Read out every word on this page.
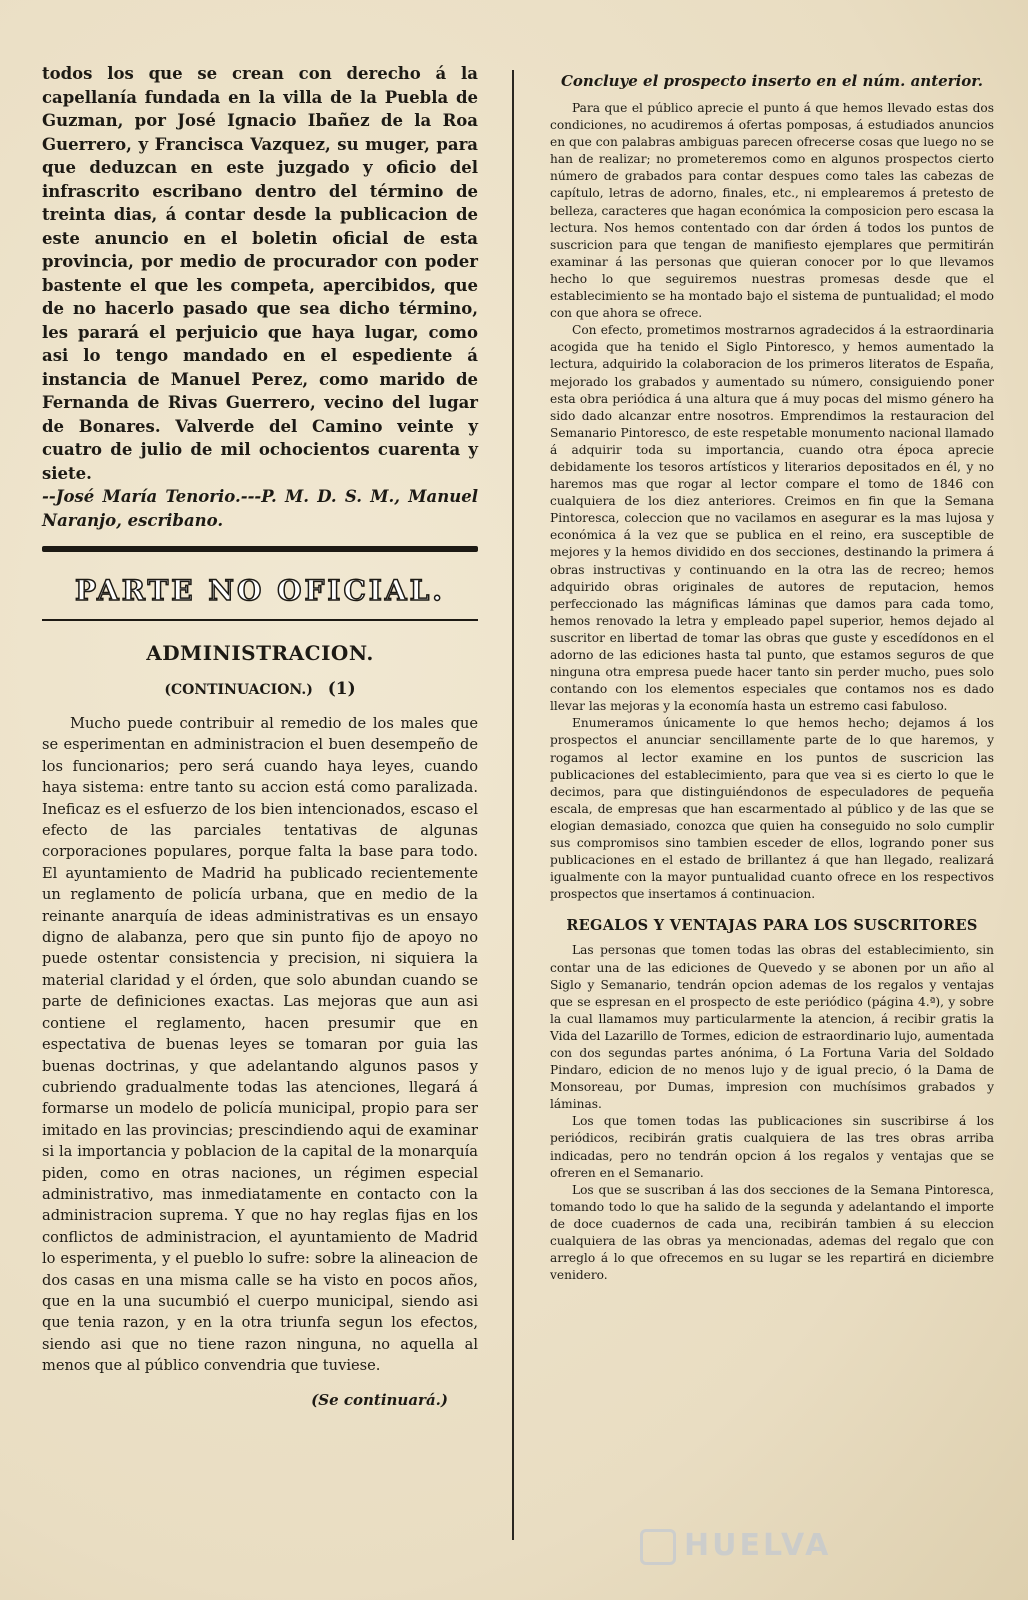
todos los que se crean con derecho á la capellanía fundada en la villa de la Puebla de Guzman, por José Ignacio Ibañez de la Roa Guerrero, y Francisca Vazquez, su muger, para que deduzcan en este juzgado y oficio del infrascrito escribano dentro del término de treinta dias, á contar desde la publicacion de este anuncio en el boletin oficial de esta provincia, por medio de procurador con poder bastente el que les competa, apercibidos, que de no hacerlo pasado que sea dicho término, les parará el perjuicio que haya lugar, como asi lo tengo mandado en el espediente á instancia de Manuel Perez, como marido de Fernanda de Rivas Guerrero, vecino del lugar de Bonares. Valverde del Camino veinte y cuatro de julio de mil ochocientos cuarenta y siete.

--José María Tenorio.---P. M. D. S. M., Manuel Naranjo, escribano.

PARTE NO OFICIAL.
ADMINISTRACION.
(CONTINUACION.) (1)

Mucho puede contribuir al remedio de los males que se esperimentan en administracion el buen desempeño de los funcionarios; pero será cuando haya leyes, cuando haya sistema: entre tanto su accion está como paralizada. Ineficaz es el esfuerzo de los bien intencionados, escaso el efecto de las parciales tentativas de algunas corporaciones populares, porque falta la base para todo. El ayuntamiento de Madrid ha publicado recientemente un reglamento de policía urbana, que en medio de la reinante anarquía de ideas administrativas es un ensayo digno de alabanza, pero que sin punto fijo de apoyo no puede ostentar consistencia y precision, ni siquiera la material claridad y el órden, que solo abundan cuando se parte de definiciones exactas. Las mejoras que aun asi contiene el reglamento, hacen presumir que en espectativa de buenas leyes se tomaran por guia las buenas doctrinas, y que adelantando algunos pasos y cubriendo gradualmente todas las atenciones, llegará á formarse un modelo de policía municipal, propio para ser imitado en las provincias; prescindiendo aqui de examinar si la importancia y poblacion de la capital de la monarquía piden, como en otras naciones, un régimen especial administrativo, mas inmediatamente en contacto con la administracion suprema. Y que no hay reglas fijas en los conflictos de administracion, el ayuntamiento de Madrid lo esperimenta, y el pueblo lo sufre: sobre la alineacion de dos casas en una misma calle se ha visto en pocos años, que en la una sucumbió el cuerpo municipal, siendo asi que tenia razon, y en la otra triunfa segun los efectos, siendo asi que no tiene razon ninguna, no aquella al menos que al público convendria que tuviese.

(Se continuará.)
Concluye el prospecto inserto en el núm. anterior.

Para que el público aprecie el punto á que hemos llevado estas dos condiciones, no acudiremos á ofertas pomposas, á estudiados anuncios en que con palabras ambiguas parecen ofrecerse cosas que luego no se han de realizar; no prometeremos como en algunos prospectos cierto número de grabados para contar despues como tales las cabezas de capítulo, letras de adorno, finales, etc., ni emplearemos á pretesto de belleza, caracteres que hagan económica la composicion pero escasa la lectura. Nos hemos contentado con dar órden á todos los puntos de suscricion para que tengan de manifiesto ejemplares que permitirán examinar á las personas que quieran conocer por lo que llevamos hecho lo que seguiremos nuestras promesas desde que el establecimiento se ha montado bajo el sistema de puntualidad; el modo con que ahora se ofrece.

Con efecto, prometimos mostrarnos agradecidos á la estraordinaria acogida que ha tenido el Siglo Pintoresco, y hemos aumentado la lectura, adquirido la colaboracion de los primeros literatos de España, mejorado los grabados y aumentado su número, consiguiendo poner esta obra periódica á una altura que á muy pocas del mismo género ha sido dado alcanzar entre nosotros. Emprendimos la restauracion del Semanario Pintoresco, de este respetable monumento nacional llamado á adquirir toda su importancia, cuando otra época aprecie debidamente los tesoros artísticos y literarios depositados en él, y no haremos mas que rogar al lector compare el tomo de 1846 con cualquiera de los diez anteriores. Creimos en fin que la Semana Pintoresca, coleccion que no vacilamos en asegurar es la mas lujosa y económica á la vez que se publica en el reino, era susceptible de mejores y la hemos dividido en dos secciones, destinando la primera á obras instructivas y continuando en la otra las de recreo; hemos adquirido obras originales de autores de reputacion, hemos perfeccionado las mágnificas láminas que damos para cada tomo, hemos renovado la letra y empleado papel superior, hemos dejado al suscritor en libertad de tomar las obras que guste y escedídonos en el adorno de las ediciones hasta tal punto, que estamos seguros de que ninguna otra empresa puede hacer tanto sin perder mucho, pues solo contando con los elementos especiales que contamos nos es dado llevar las mejoras y la economía hasta un estremo casi fabuloso.

Enumeramos únicamente lo que hemos hecho; dejamos á los prospectos el anunciar sencillamente parte de lo que haremos, y rogamos al lector examine en los puntos de suscricion las publicaciones del establecimiento, para que vea si es cierto lo que le decimos, para que distinguiéndonos de especuladores de pequeña escala, de empresas que han escarmentado al público y de las que se elogian demasiado, conozca que quien ha conseguido no solo cumplir sus compromisos sino tambien esceder de ellos, logrando poner sus publicaciones en el estado de brillantez á que han llegado, realizará igualmente con la mayor puntualidad cuanto ofrece en los respectivos prospectos que insertamos á continuacion.

REGALOS Y VENTAJAS PARA LOS SUSCRITORES

Las personas que tomen todas las obras del establecimiento, sin contar una de las ediciones de Quevedo y se abonen por un año al Siglo y Semanario, tendrán opcion ademas de los regalos y ventajas que se espresan en el prospecto de este periódico (página 4.ª), y sobre la cual llamamos muy particularmente la atencion, á recibir gratis la Vida del Lazarillo de Tormes, edicion de estraordinario lujo, aumentada con dos segundas partes anónima, ó La Fortuna Varia del Soldado Pindaro, edicion de no menos lujo y de igual precio, ó la Dama de Monsoreau, por Dumas, impresion con muchísimos grabados y láminas.

Los que tomen todas las publicaciones sin suscribirse á los periódicos, recibirán gratis cualquiera de las tres obras arriba indicadas, pero no tendrán opcion á los regalos y ventajas que se ofreren en el Semanario.

Los que se suscriban á las dos secciones de la Semana Pintoresca, tomando todo lo que ha salido de la segunda y adelantando el importe de doce cuadernos de cada una, recibirán tambien á su eleccion cualquiera de las obras ya mencionadas, ademas del regalo que con arreglo á lo que ofrecemos en su lugar se les repartirá en diciembre venidero.

HUELVA
